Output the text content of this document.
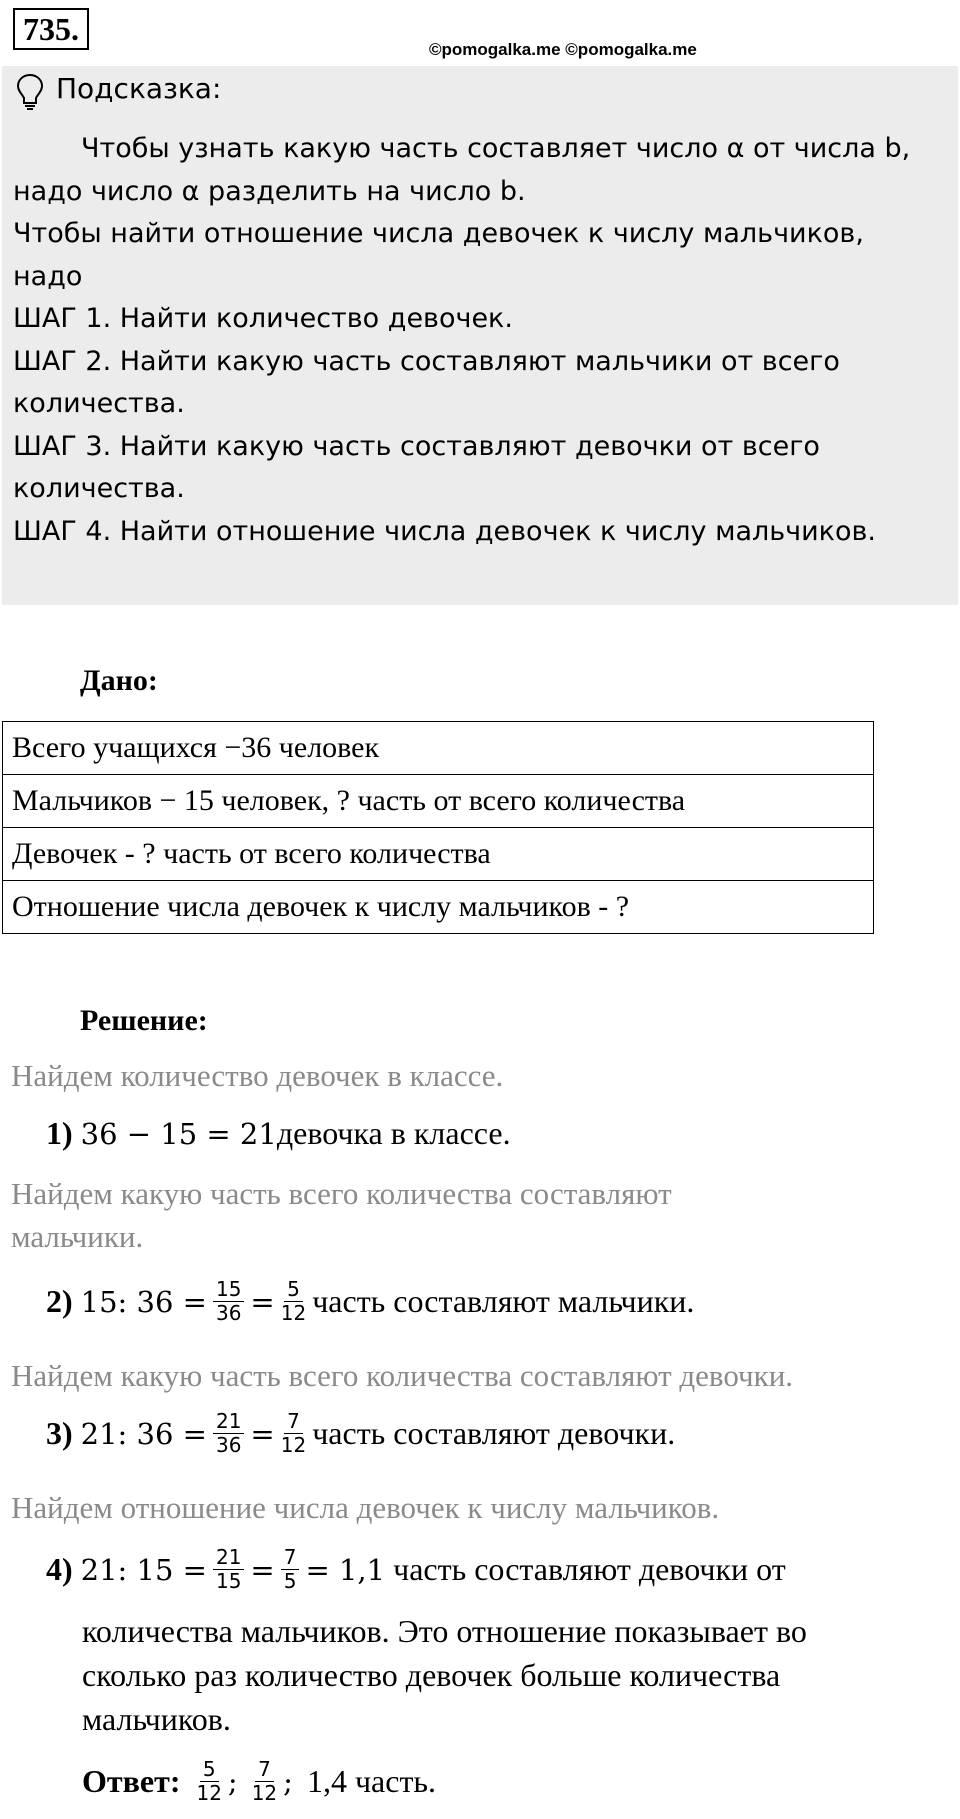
735.
©pomogalka.me ©pomogalka.me

Чтобы узнать какую часть составляет число α от числа b,

надо число α разделить на число b.

Чтобы найти отношение числа девочек к числу мальчиков,

надо

ШАГ 1. Найти количество девочек.

ШАГ 2. Найти какую часть составляют мальчики от всего

количества.

ШАГ 3. Найти какую часть составляют девочки от всего

количества.

ШАГ 4. Найти отношение числа девочек к числу мальчиков.

Подсказка:
Дано:
Всего учащихся −36 человек
Мальчиков − 15 человек, ? часть от всего количества
Девочек - ? часть от всего количества
Отношение числа девочек к числу мальчиков - ?
Решение:
Найдем количество девочек в классе.
1) 36 − 15 = 21 девочка в классе.
Найдем какую часть всего количества составляют
мальчики.
2) 15: $36 = \frac{15}{36} = \frac{5}{12}$ часть составляют мальчики.
Найдем какую часть всего количества составляют девочки.
3) 21: $36 = \frac{21}{36} = \frac{7}{12}$ часть составляют девочки.
Найдем отношение числа девочек к числу мальчиков.
4) 21: $15 = \frac{21}{15} = \frac{7}{5} = 1,1$ часть составляют девочки от
количества мальчиков. Это отношение показывает во
сколько раз количество девочек больше количества
мальчиков.
Ответ: $\frac{5}{12}$ ; $\frac{7}{12}$ ; 1,4 часть.
